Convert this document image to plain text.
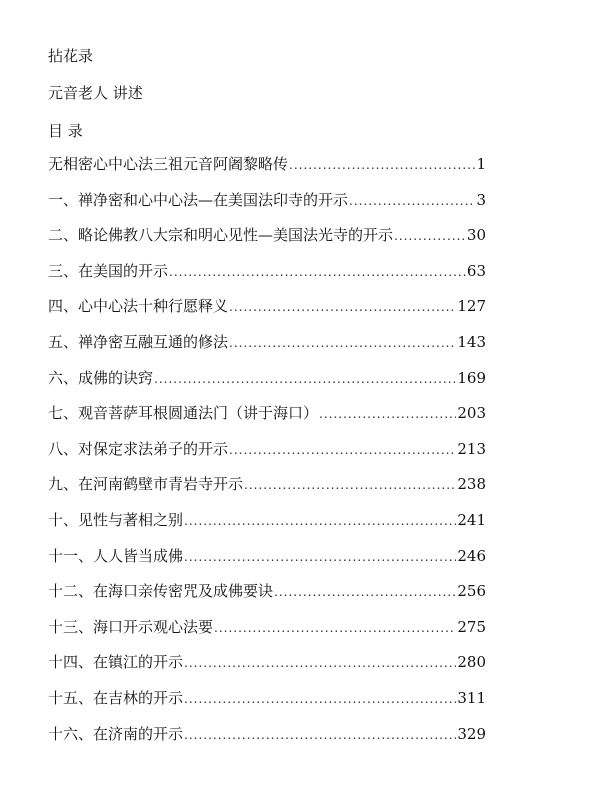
拈花录
元音老人 讲述
目 录
无相密心中心法三祖元音阿阇黎略传 .....	1
一、禅净密和心中心法—在美国法印寺的开示 .....	3
二、略论佛教八大宗和明心见性—美国法光寺的开示 .....	30
三、在美国的开示 .....	63
四、心中心法十种行愿释义 .....	127
五、禅净密互融互通的修法 .....	143
六、成佛的诀窍 .....	169
七、观音菩萨耳根圆通法门（讲于海口） .....	203
八、对保定求法弟子的开示 .....	213
九、在河南鹤壁市青岩寺开示 .....	238
十、见性与著相之别 .....	241
十一、人人皆当成佛 .....	246
十二、在海口亲传密咒及成佛要诀 .....	256
十三、海口开示观心法要 .....	275
十四、在镇江的开示 .....	280
十五、在吉林的开示 .....	311
十六、在济南的开示 .....	329
